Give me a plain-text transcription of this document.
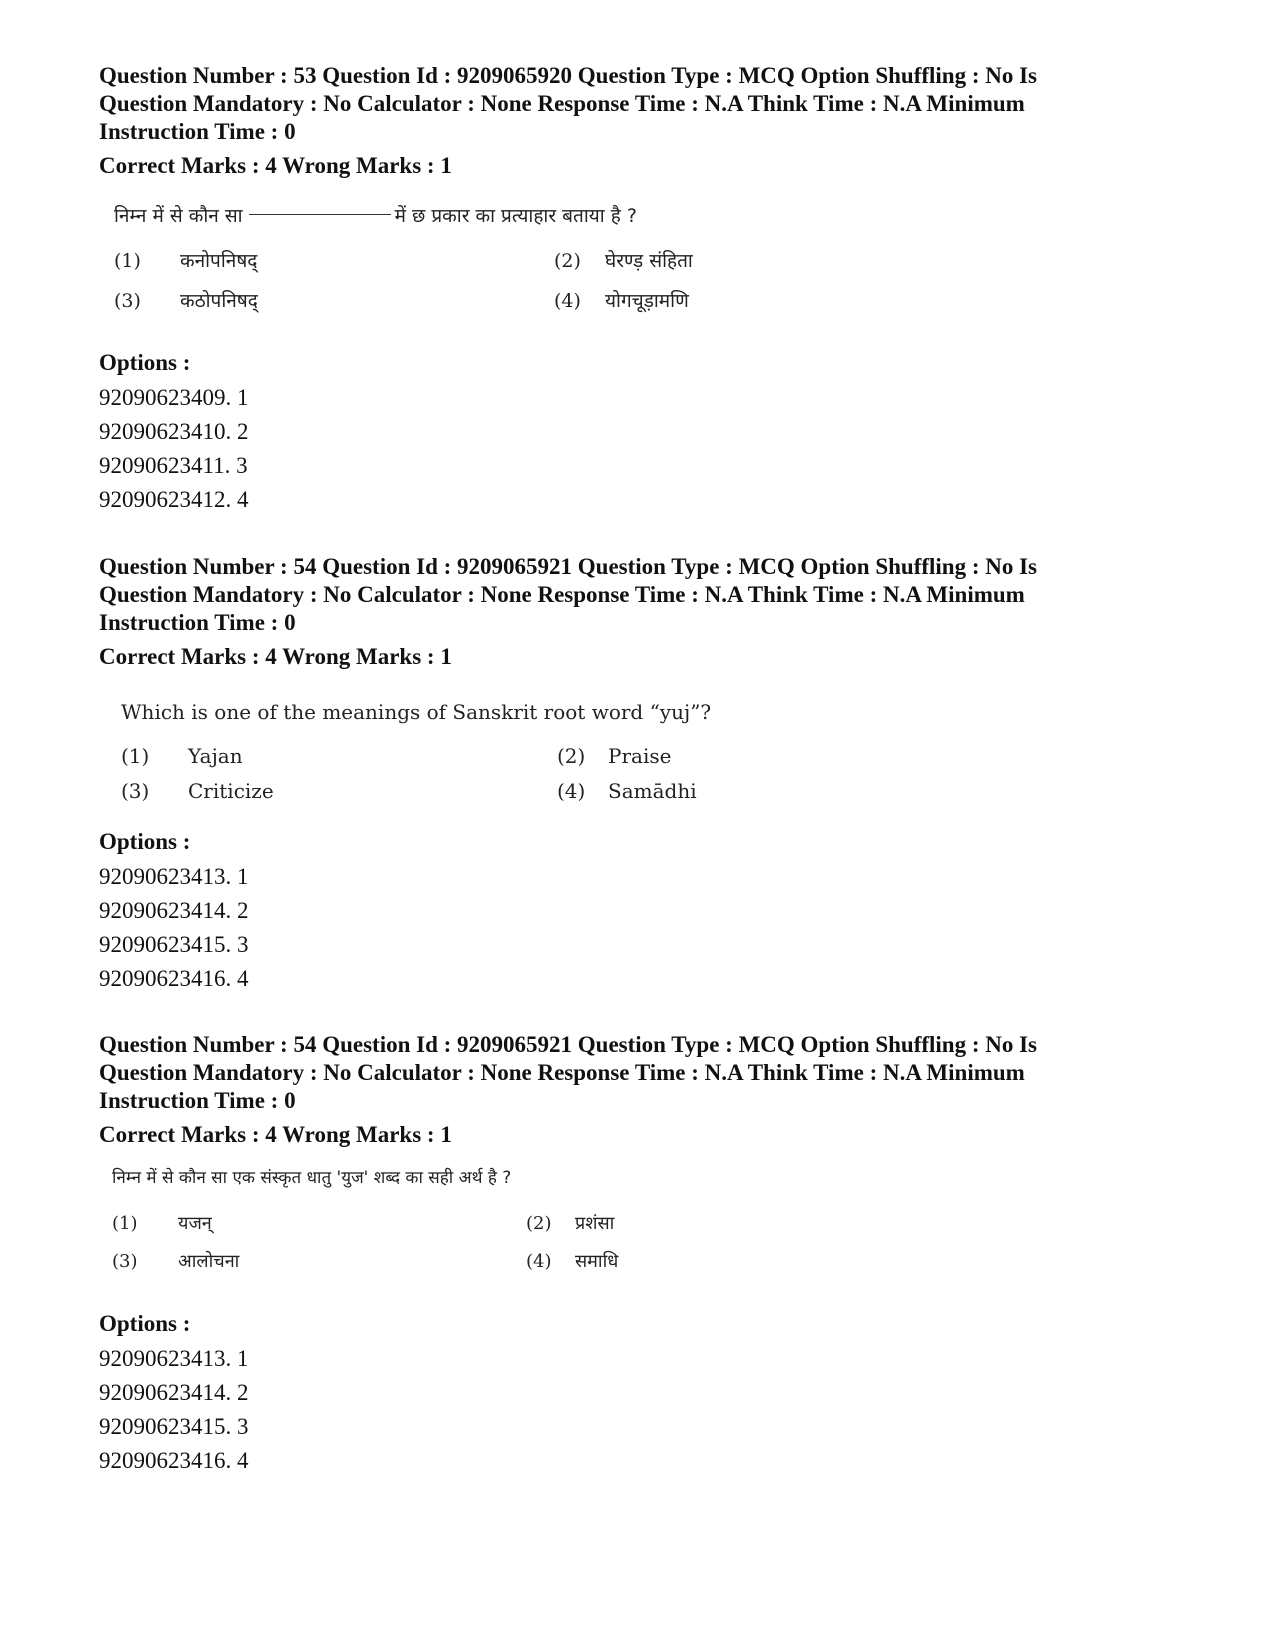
Question Number : 53 Question Id : 9209065920 Question Type : MCQ Option Shuffling : No Is
Question Mandatory : No Calculator : None Response Time : N.A Think Time : N.A Minimum
Instruction Time : 0

Correct Marks : 4 Wrong Marks : 1

निम्न में से कौन सा	में छ प्रकार का प्रत्याहार बताया है ?
(1) कनोपनिषद्	(2) घेरण्ड़ संहिता
(3) कठोपनिषद्	(4) योगचूड़ामणि

Options :

92090623409. 1

92090623410. 2

92090623411. 3

92090623412. 4

Question Number : 54 Question Id : 9209065921 Question Type : MCQ Option Shuffling : No Is
Question Mandatory : No Calculator : None Response Time : N.A Think Time : N.A Minimum
Instruction Time : 0

Correct Marks : 4 Wrong Marks : 1

Which is one of the meanings of Sanskrit root word “yuj”?
(1) Yajan	(2) Praise
(3) Criticize	(4) Samādhi

Options :

92090623413. 1

92090623414. 2

92090623415. 3

92090623416. 4

Question Number : 54 Question Id : 9209065921 Question Type : MCQ Option Shuffling : No Is
Question Mandatory : No Calculator : None Response Time : N.A Think Time : N.A Minimum
Instruction Time : 0

Correct Marks : 4 Wrong Marks : 1

निम्न में से कौन सा एक संस्कृत धातु 'युज' शब्द का सही अर्थ है ?
(1) यजन्	(2) प्रशंसा
(3) आलोचना	(4) समाधि

Options :

92090623413. 1

92090623414. 2

92090623415. 3

92090623416. 4
